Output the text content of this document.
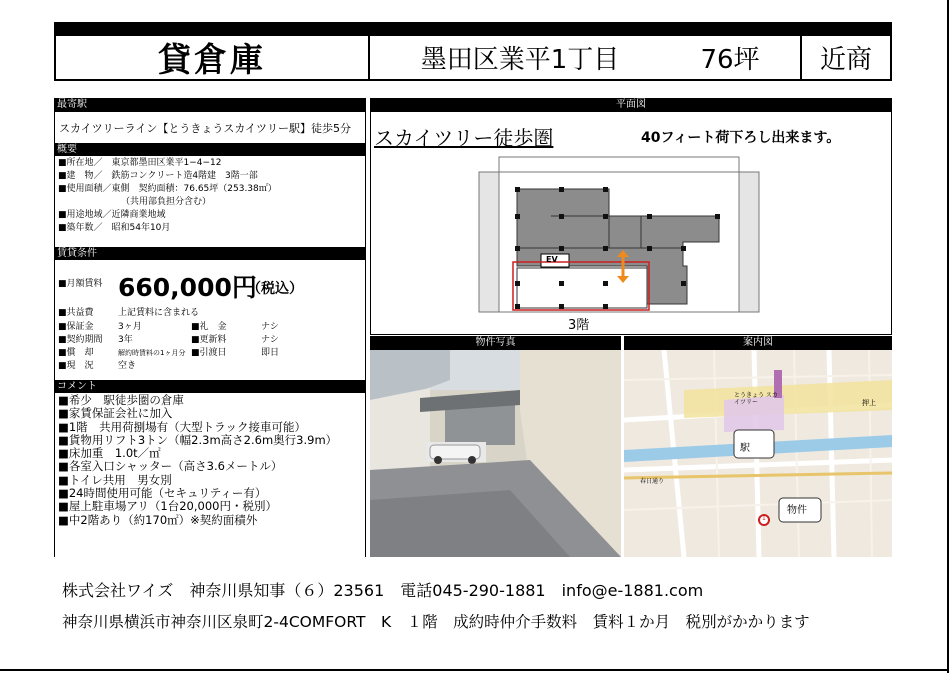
貸倉庫	墨田区業平1丁目	76坪	近商
最寄駅
スカイツリーライン【とうきょうスカイツリー駅】徒歩5分
概要
■所在地／　東京都墨田区業平1−4−12
■建　物／　鉄筋コンクリート造4階建　3階一部
■使用面積／東側　契約面積：76.65坪（253.38㎡）
（共用部負担分含む）
■用途地域／近隣商業地域
■築年数／　昭和54年10月
賃貸条件
■月額賃料 660,000円
（税込）
■共益費	上記賃料に含まれる
■保証金	3ヶ月	■礼　金	ナシ
■契約期間 3年	■更新料	ナシ
■償　却	解約時賃料の1ヶ月分 ■引渡日	即日
■現　況	空き
コメント
■希少　駅徒歩圏の倉庫
■家賃保証会社に加入
■1階　共用荷捌場有（大型トラック接車可能）
■貨物用リフト3トン（幅2.3m高さ2.6m奥行3.9m）
■床加重　1.0t／㎡
■各室入口シャッター（高さ3.6メートル）
■トイレ共用　男女別
■24時間使用可能（セキュリティー有）
■屋上駐車場アリ（1台20,000円・税別）
■中2階あり（約170㎡）※契約面積外
平面図
スカイツリー徒歩圏	40フィート荷下ろし出来ます。
EV
3階
物件写真	案内図
駅
物件
1
とうきょう スカイツリー	押上
春日通り
株式会社ワイズ　神奈川県知事（６）23561　電話045-290-1881　info@e-1881.com
神奈川県横浜市神奈川区泉町2-4COMFORT　K　１階　成約時仲介手数料　賃料１か月　税別がかかります
